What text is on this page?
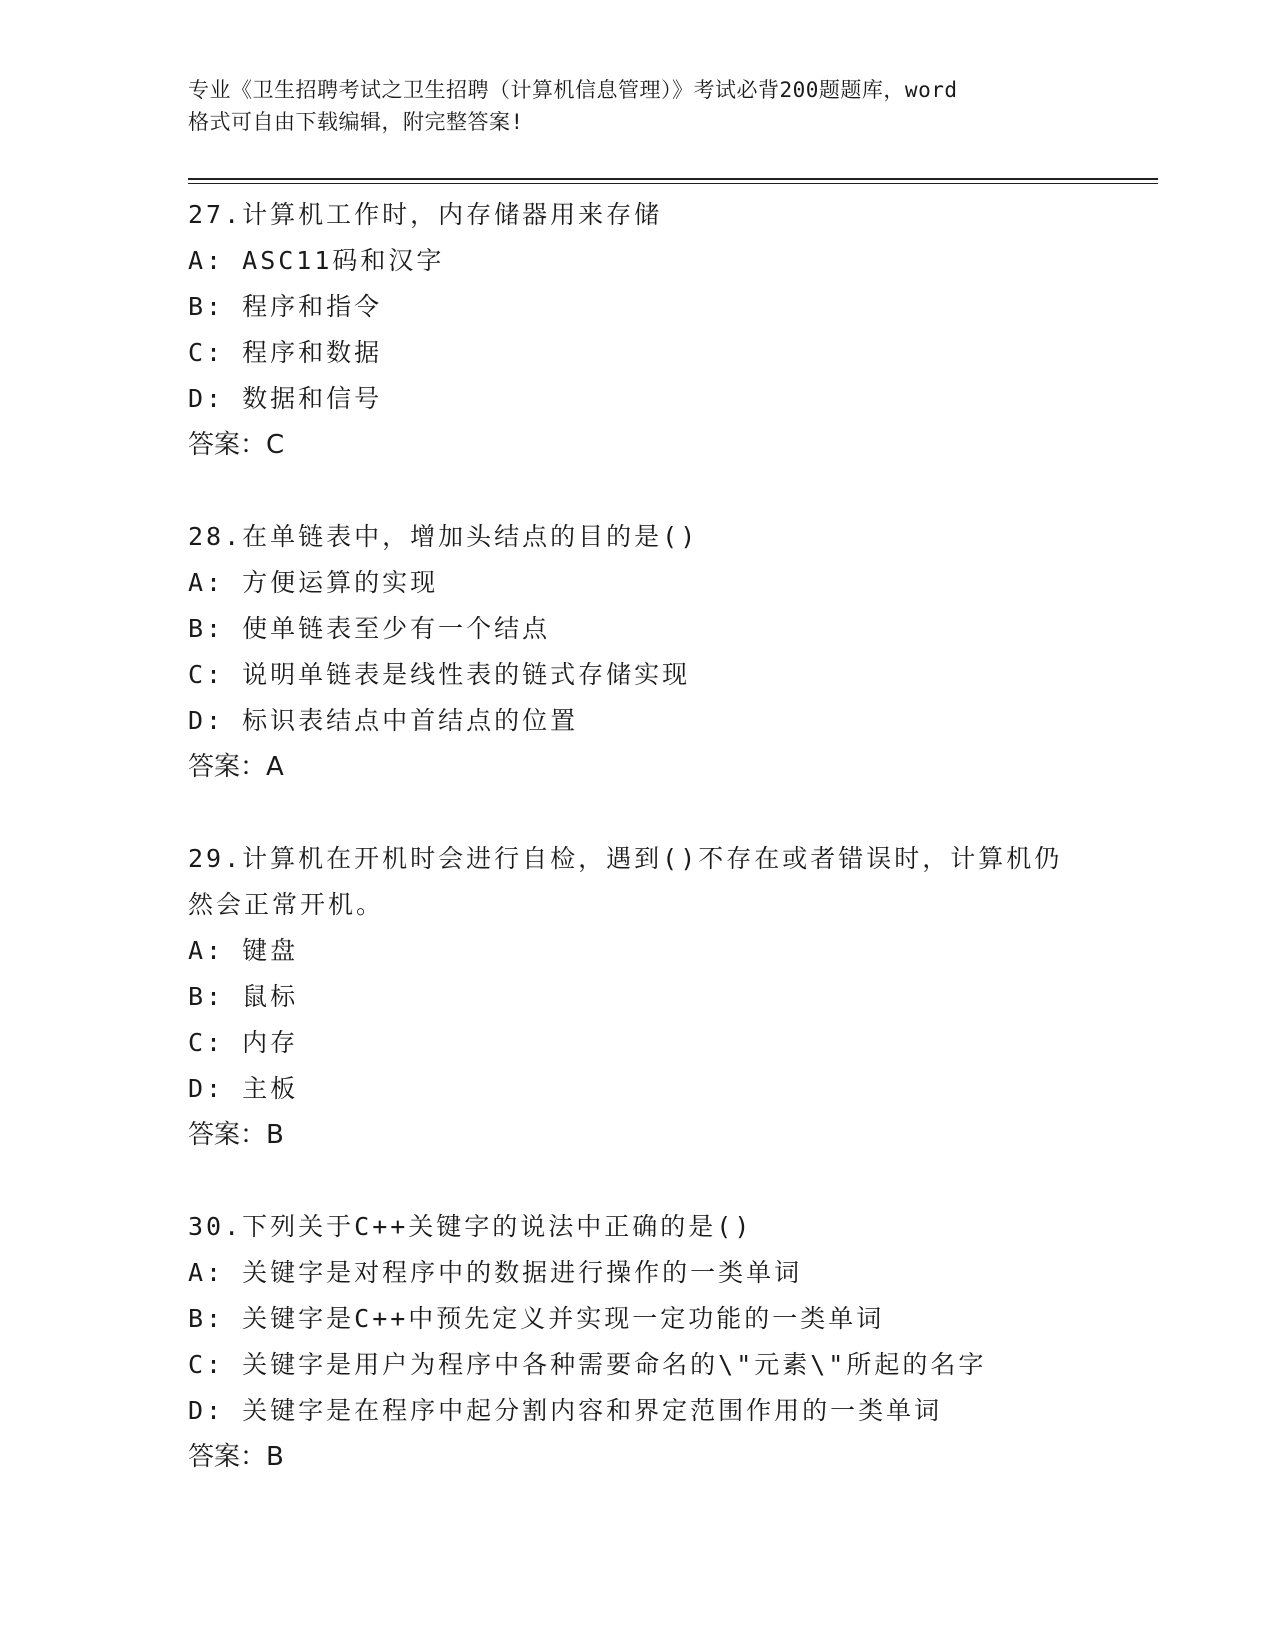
专业《卫生招聘考试之卫生招聘（计算机信息管理）》考试必背200题题库，word

格式可自由下载编辑，附完整答案!

27.计算机工作时，内存储器用来存储

A: ASC11码和汉字

B: 程序和指令

C: 程序和数据

D: 数据和信号

答案：C

28.在单链表中，增加头结点的目的是()

A: 方便运算的实现

B: 使单链表至少有一个结点

C: 说明单链表是线性表的链式存储实现

D: 标识表结点中首结点的位置

答案：A

29.计算机在开机时会进行自检，遇到()不存在或者错误时，计算机仍然会正常开机。

A: 键盘

B: 鼠标

C: 内存

D: 主板

答案：B

30.下列关于C++关键字的说法中正确的是()

A: 关键字是对程序中的数据进行操作的一类单词

B: 关键字是C++中预先定义并实现一定功能的一类单词

C: 关键字是用户为程序中各种需要命名的\"元素\"所起的名字

D: 关键字是在程序中起分割内容和界定范围作用的一类单词

答案：B
